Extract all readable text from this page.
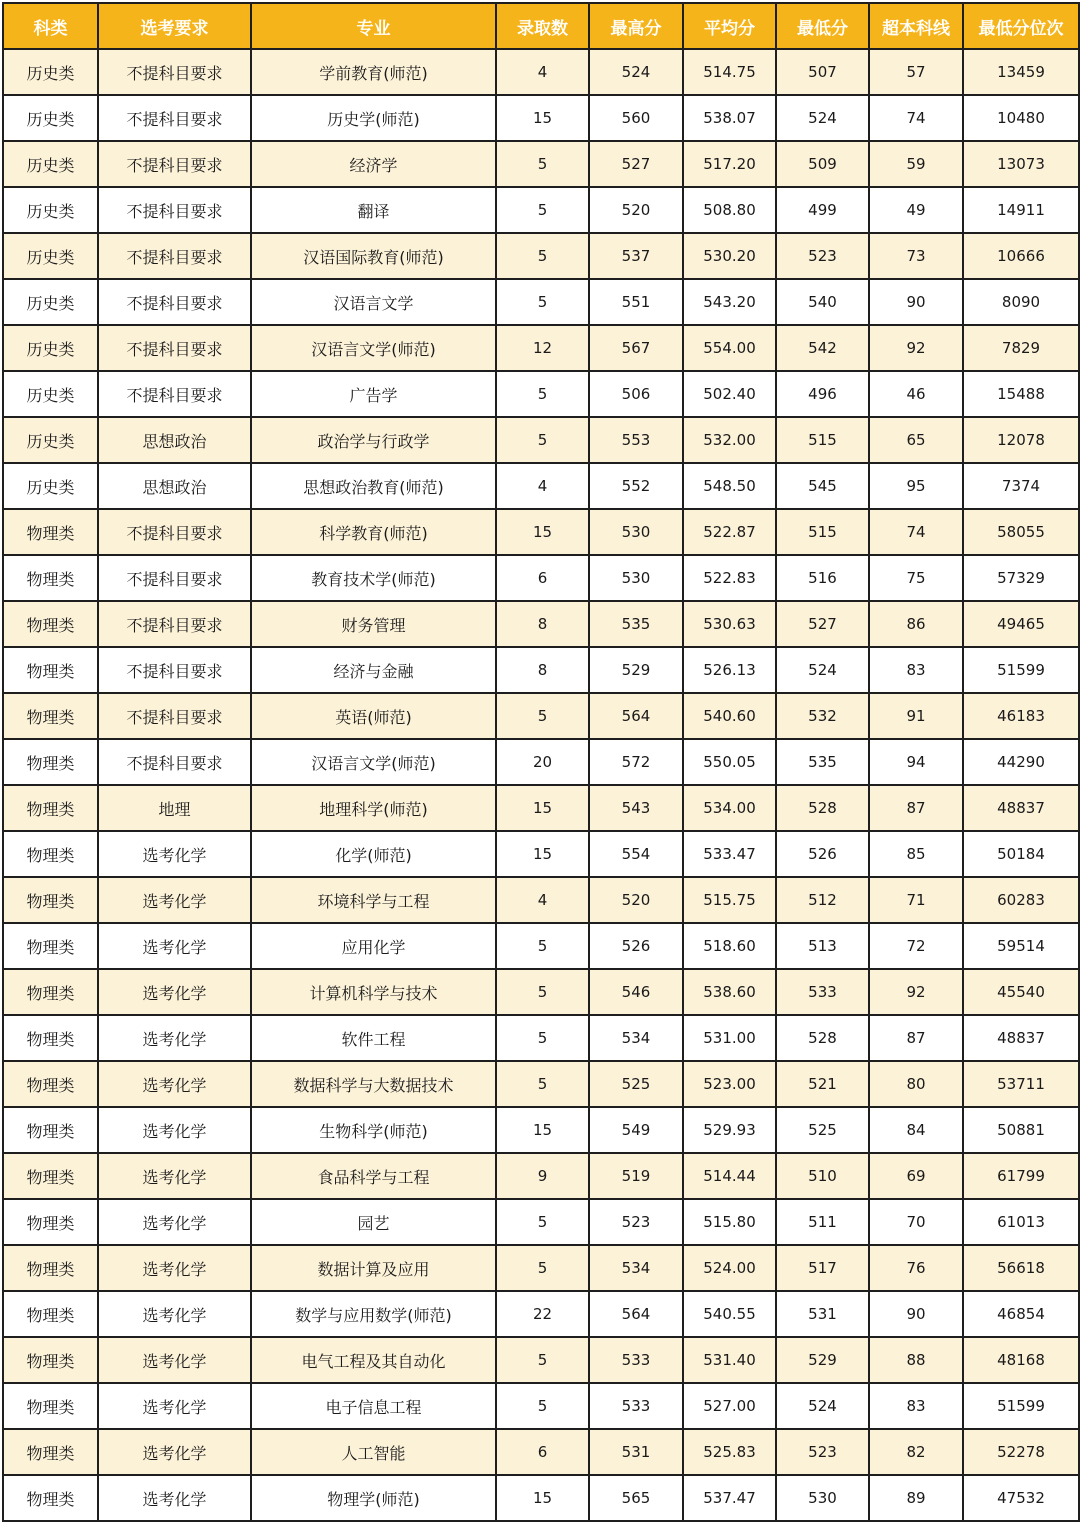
科类	选考要求	专业	录取数	最高分	平均分	最低分	超本科线	最低分位次
历史类	不提科目要求	学前教育(师范)	4	524	514.75	507	57	13459
历史类	不提科目要求	历史学(师范)	15	560	538.07	524	74	10480
历史类	不提科目要求	经济学	5	527	517.20	509	59	13073
历史类	不提科目要求	翻译	5	520	508.80	499	49	14911
历史类	不提科目要求	汉语国际教育(师范)	5	537	530.20	523	73	10666
历史类	不提科目要求	汉语言文学	5	551	543.20	540	90	8090
历史类	不提科目要求	汉语言文学(师范)	12	567	554.00	542	92	7829
历史类	不提科目要求	广告学	5	506	502.40	496	46	15488
历史类	思想政治	政治学与行政学	5	553	532.00	515	65	12078
历史类	思想政治	思想政治教育(师范)	4	552	548.50	545	95	7374
物理类	不提科目要求	科学教育(师范)	15	530	522.87	515	74	58055
物理类	不提科目要求	教育技术学(师范)	6	530	522.83	516	75	57329
物理类	不提科目要求	财务管理	8	535	530.63	527	86	49465
物理类	不提科目要求	经济与金融	8	529	526.13	524	83	51599
物理类	不提科目要求	英语(师范)	5	564	540.60	532	91	46183
物理类	不提科目要求	汉语言文学(师范)	20	572	550.05	535	94	44290
物理类	地理	地理科学(师范)	15	543	534.00	528	87	48837
物理类	选考化学	化学(师范)	15	554	533.47	526	85	50184
物理类	选考化学	环境科学与工程	4	520	515.75	512	71	60283
物理类	选考化学	应用化学	5	526	518.60	513	72	59514
物理类	选考化学	计算机科学与技术	5	546	538.60	533	92	45540
物理类	选考化学	软件工程	5	534	531.00	528	87	48837
物理类	选考化学	数据科学与大数据技术	5	525	523.00	521	80	53711
物理类	选考化学	生物科学(师范)	15	549	529.93	525	84	50881
物理类	选考化学	食品科学与工程	9	519	514.44	510	69	61799
物理类	选考化学	园艺	5	523	515.80	511	70	61013
物理类	选考化学	数据计算及应用	5	534	524.00	517	76	56618
物理类	选考化学	数学与应用数学(师范)	22	564	540.55	531	90	46854
物理类	选考化学	电气工程及其自动化	5	533	531.40	529	88	48168
物理类	选考化学	电子信息工程	5	533	527.00	524	83	51599
物理类	选考化学	人工智能	6	531	525.83	523	82	52278
物理类	选考化学	物理学(师范)	15	565	537.47	530	89	47532
